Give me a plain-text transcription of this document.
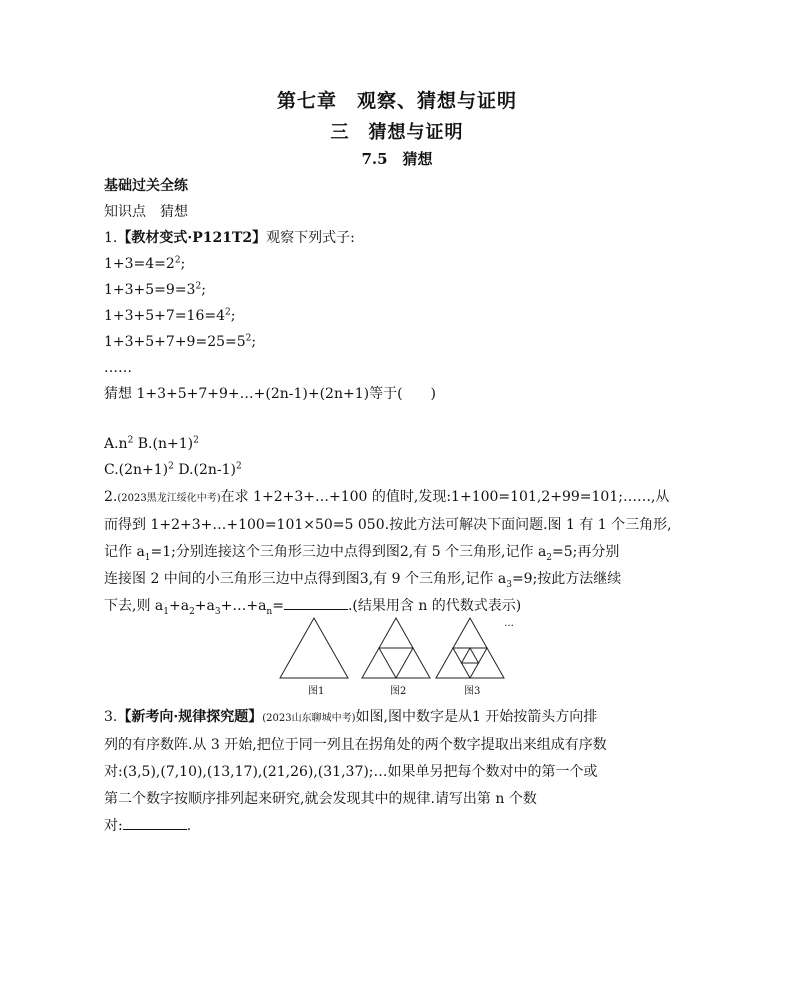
第七章　观察、猜想与证明
三　猜想与证明
7.5　猜想
基础过关全练
知识点　猜想
1.【教材变式·P121T2】观察下列式子:
$1+3=4=2^2$;
$1+3+5=9=3^2$;
$1+3+5+7=16=4^2$;
$1+3+5+7+9=25=5^2$;
……
猜想 1+3+5+7+9+…+(2n-1)+(2n+1)等于(　　)
$A.n^2$ $B.(n+1)^2$
$C.(2n+1)^2$ $D.(2n-1)^2$
2.(2023黑龙江绥化中考)在求 1+2+3+…+100 的值时,发现:1+100=101,2+99=101;……,从
而得到 1+2+3+…+100=101×50=5 050.按此方法可解决下面问题.图 1 有 1 个三角形,
记作 $a_1=1$;分别连接这个三角形三边中点得到图2,有 5 个三角形,记作 $a_2=5$;再分别
连接图 2 中间的小三角形三边中点得到图3,有 9 个三角形,记作 $a_3=9$;按此方法继续
下去,则 $a_1+a_2+a_3+\dots+a_n=$	.(结果用含 n 的代数式表示)
图1	图2	图3
…
3.【新考向·规律探究题】(2023山东聊城中考)如图,图中数字是从1 开始按箭头方向排
列的有序数阵.从 3 开始,把位于同一列且在拐角处的两个数字提取出来组成有序数
对:(3,5),(7,10),(13,17),(21,26),(31,37);…如果单另把每个数对中的第一个或
第二个数字按顺序排列起来研究,就会发现其中的规律.请写出第 n 个数
对:	.
